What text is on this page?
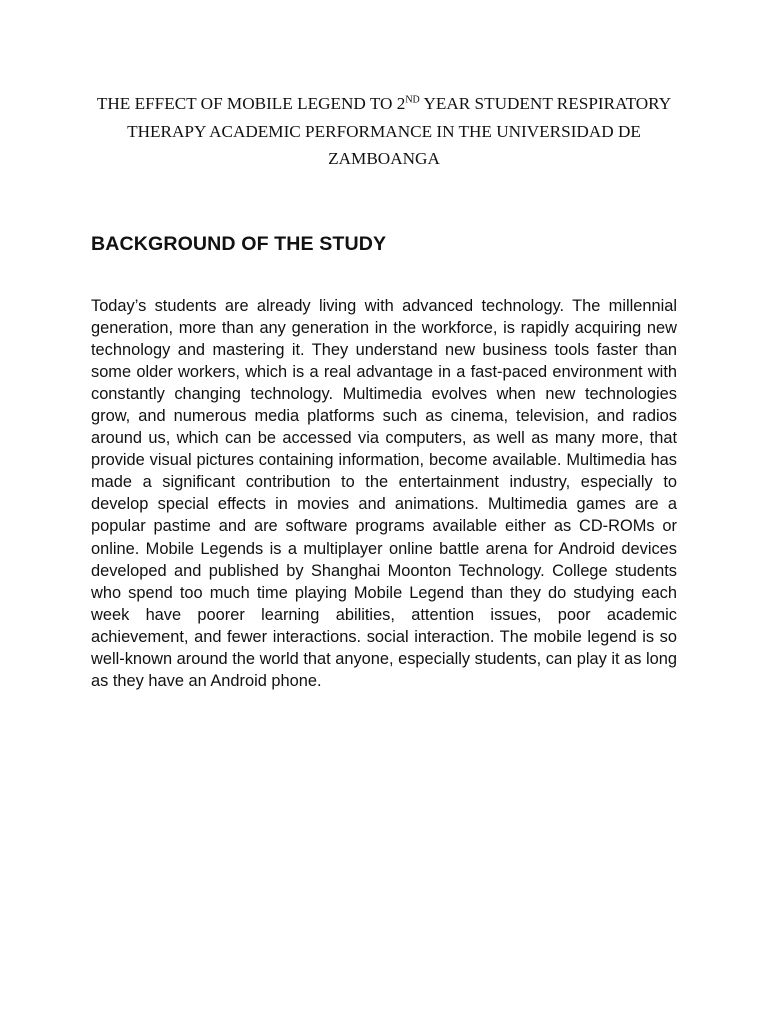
THE EFFECT OF MOBILE LEGEND TO 2ND YEAR STUDENT RESPIRATORY THERAPY ACADEMIC PERFORMANCE IN THE UNIVERSIDAD DE ZAMBOANGA
BACKGROUND OF THE STUDY

Today’s students are already living with advanced technology. The millennial generation, more than any generation in the workforce, is rapidly acquiring new technology and mastering it. They understand new business tools faster than some older workers, which is a real advantage in a fast-paced environment with constantly changing technology. Multimedia evolves when new technologies grow, and numerous media platforms such as cinema, television, and radios around us, which can be accessed via computers, as well as many more, that provide visual pictures containing information, become available. Multimedia has made a significant contribution to the entertainment industry, especially to develop special effects in movies and animations. Multimedia games are a popular pastime and are software programs available either as CD-ROMs or online. Mobile Legends is a multiplayer online battle arena for Android devices developed and published by Shanghai Moonton Technology. College students who spend too much time playing Mobile Legend than they do studying each week have poorer learning abilities, attention issues, poor academic achievement, and fewer interactions. social interaction. The mobile legend is so well-known around the world that anyone, especially students, can play it as long as they have an Android phone.
